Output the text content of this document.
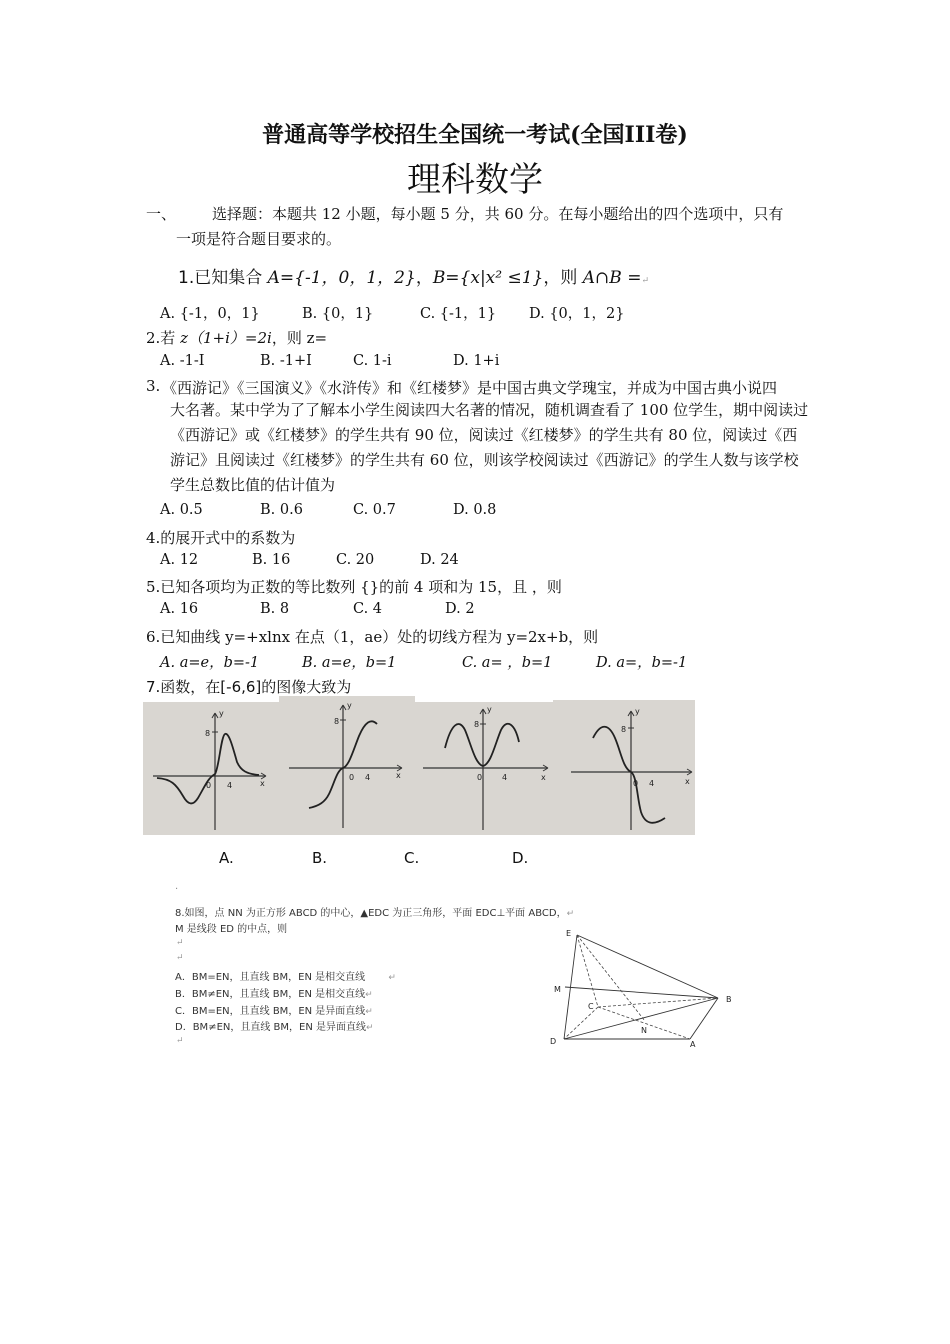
普通高等学校招生全国统一考试(全国III卷)
理科数学
一、 选择题：本题共 12 小题，每小题 5 分，共 60 分。在每小题给出的四个选项中，只有
一项是符合题目要求的。
1.已知集合 A={-1，0，1，2}，B={x|x² ≤1}，则 A∩B =↵
A. {-1，0，1}	B. {0，1}	C. {-1，1} D. {0，1，2}
2.若 z（1+i）=2i，则 z=
A. -1-I	B. -1+I	C. 1-i	D. 1+i
3. 《西游记》《三国演义》《水浒传》和《红楼梦》是中国古典文学瑰宝，并成为中国古典小说四
大名著。某中学为了了解本小学生阅读四大名著的情况，随机调查看了 100 位学生，期中阅读过《西游记》或《红楼梦》的学生共有 90 位，阅读过《红楼梦》的学生共有 80 位，阅读过《西游记》且阅读过《红楼梦》的学生共有 60 位，则该学校阅读过《西游记》的学生人数与该学校学生总数比值的估计值为
A. 0.5	B. 0.6	C. 0.7	D. 0.8
4.的展开式中的系数为
A. 12	B. 16	C. 20	D. 24
5.已知各项均为正数的等比数列 {}的前 4 项和为 15，且 ，则
A. 16	B. 8	C. 4	D. 2
6.已知曲线 y=+xlnx 在点（1，ae）处的切线方程为 y=2x+b，则
A. a=e，b=-1	B. a=e，b=1	C. a= ，b=1	D. a=，b=-1
7.函数，在[-6,6]的图像大致为
y
8
0 4	x
y
8
0 4	x
y
8
0 4	x
y
8
0 4	x
A.	B.	C.	D.
·
8.如图，点 NN 为正方形 ABCD 的中心，▲EDC 为正三角形，平面 EDC⊥平面 ABCD，↵
M 是线段 ED 的中点，则
↵
↵
A．BM=EN，且直线 BM，EN 是相交直线	↵
B．BM≠EN，且直线 BM，EN 是相交直线↵
C．BM=EN，且直线 BM，EN 是异面直线↵
D．BM≠EN，且直线 BM，EN 是异面直线↵
↵
E
M
C
B
N
D	A
